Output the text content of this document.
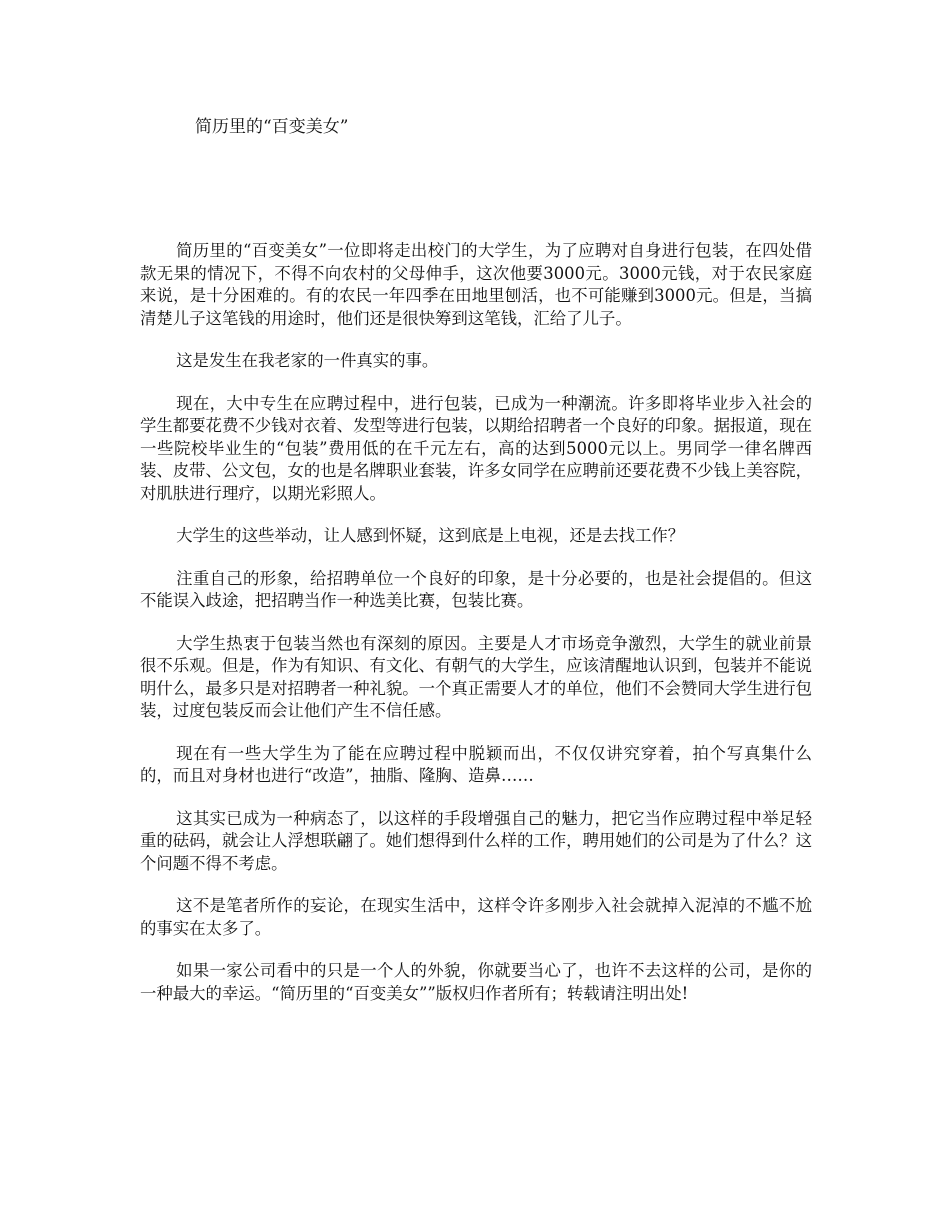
简历里的“百变美女”

简历里的“百变美女”一位即将走出校门的大学生，为了应聘对自身进行包装，在四处借款无果的情况下，不得不向农村的父母伸手，这次他要3000元。3000元钱，对于农民家庭来说，是十分困难的。有的农民一年四季在田地里刨活，也不可能赚到3000元。但是，当搞清楚儿子这笔钱的用途时，他们还是很快筹到这笔钱，汇给了儿子。

这是发生在我老家的一件真实的事。

现在，大中专生在应聘过程中，进行包装，已成为一种潮流。许多即将毕业步入社会的学生都要花费不少钱对衣着、发型等进行包装，以期给招聘者一个良好的印象。据报道，现在一些院校毕业生的“包装”费用低的在千元左右，高的达到5000元以上。男同学一律名牌西装、皮带、公文包，女的也是名牌职业套装，许多女同学在应聘前还要花费不少钱上美容院，对肌肤进行理疗，以期光彩照人。

大学生的这些举动，让人感到怀疑，这到底是上电视，还是去找工作？

注重自己的形象，给招聘单位一个良好的印象，是十分必要的，也是社会提倡的。但这不能误入歧途，把招聘当作一种选美比赛，包装比赛。

大学生热衷于包装当然也有深刻的原因。主要是人才市场竞争激烈，大学生的就业前景很不乐观。但是，作为有知识、有文化、有朝气的大学生，应该清醒地认识到，包装并不能说明什么，最多只是对招聘者一种礼貌。一个真正需要人才的单位，他们不会赞同大学生进行包装，过度包装反而会让他们产生不信任感。

现在有一些大学生为了能在应聘过程中脱颖而出，不仅仅讲究穿着，拍个写真集什么的，而且对身材也进行“改造”，抽脂、隆胸、造鼻……

这其实已成为一种病态了，以这样的手段增强自己的魅力，把它当作应聘过程中举足轻重的砝码，就会让人浮想联翩了。她们想得到什么样的工作，聘用她们的公司是为了什么？这个问题不得不考虑。

这不是笔者所作的妄论，在现实生活中，这样令许多刚步入社会就掉入泥淖的不尴不尬的事实在太多了。

如果一家公司看中的只是一个人的外貌，你就要当心了，也许不去这样的公司，是你的一种最大的幸运。“简历里的“百变美女””版权归作者所有；转载请注明出处!
